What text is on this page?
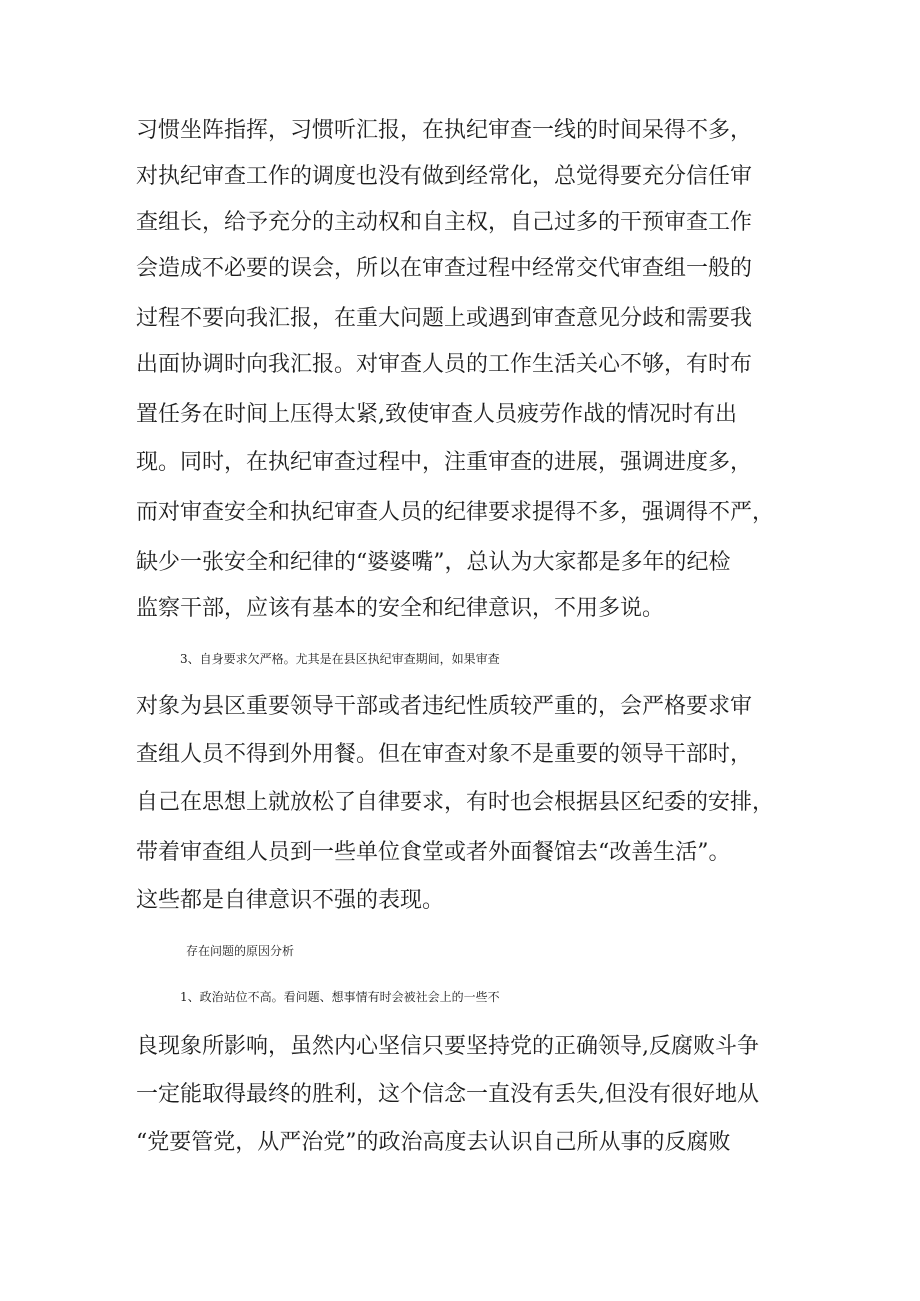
习惯坐阵指挥，习惯听汇报，在执纪审查一线的时间呆得不多，
对执纪审查工作的调度也没有做到经常化，总觉得要充分信任审
查组长，给予充分的主动权和自主权，自己过多的干预审查工作
会造成不必要的误会，所以在审查过程中经常交代审查组一般的
过程不要向我汇报，在重大问题上或遇到审查意见分歧和需要我
出面协调时向我汇报。对审查人员的工作生活关心不够，有时布
置任务在时间上压得太紧,致使审查人员疲劳作战的情况时有出
现。同时，在执纪审查过程中，注重审查的进展，强调进度多，
而对审查安全和执纪审查人员的纪律要求提得不多，强调得不严，
缺少一张安全和纪律的“婆婆嘴”，总认为大家都是多年的纪检
监察干部，应该有基本的安全和纪律意识，不用多说。
3、自身要求欠严格。尤其是在县区执纪审查期间，如果审查
对象为县区重要领导干部或者违纪性质较严重的，会严格要求审
查组人员不得到外用餐。但在审查对象不是重要的领导干部时，
自己在思想上就放松了自律要求，有时也会根据县区纪委的安排，
带着审查组人员到一些单位食堂或者外面餐馆去“改善生活”。
这些都是自律意识不强的表现。
存在问题的原因分析
1、政治站位不高。看问题、想事情有时会被社会上的一些不
良现象所影响，虽然内心坚信只要坚持党的正确领导,反腐败斗争
一定能取得最终的胜利，这个信念一直没有丢失,但没有很好地从
“党要管党，从严治党”的政治高度去认识自己所从事的反腐败
